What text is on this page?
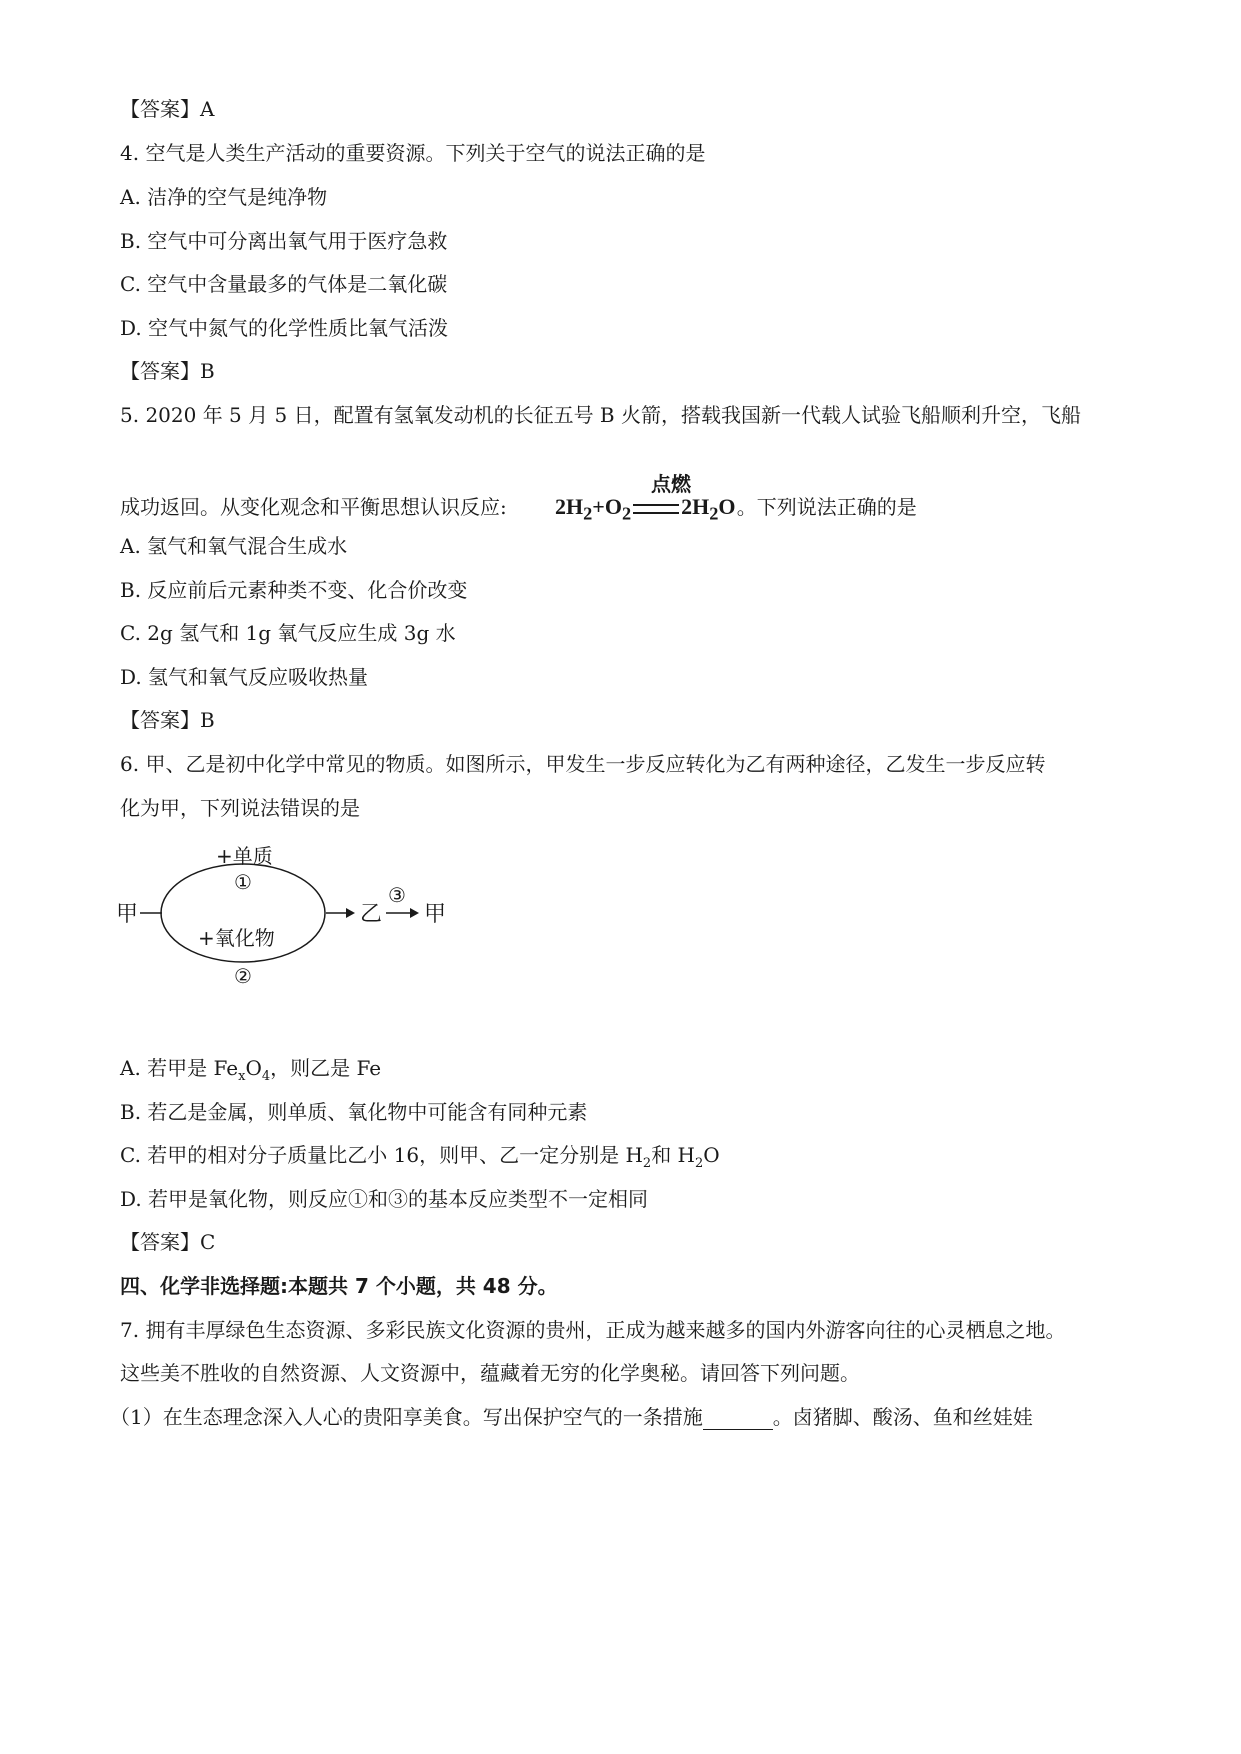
【答案】A
4. 空气是人类生产活动的重要资源。下列关于空气的说法正确的是
A. 洁净的空气是纯净物
B. 空气中可分离出氧气用于医疗急救
C. 空气中含量最多的气体是二氧化碳
D. 空气中氮气的化学性质比氧气活泼
【答案】B
5. 2020 年 5 月 5 日，配置有氢氧发动机的长征五号 B 火箭，搭载我国新一代载人试验飞船顺利升空，飞船
点燃
$2H_2+O_2$ $2H_2O$
成功返回。从变化观念和平衡思想认识反应:	。下列说法正确的是
A. 氢气和氧气混合生成水
B. 反应前后元素种类不变、化合价改变
C. 2g 氢气和 1g 氧气反应生成 3g 水
D. 氢气和氧气反应吸收热量
【答案】B
6. 甲、乙是初中化学中常见的物质。如图所示，甲发生一步反应转化为乙有两种途径，乙发生一步反应转
化为甲，下列说法错误的是
甲
+单质
①
+氧化物
②
乙
③
甲
A. 若甲是 $Fe_xO_4$，则乙是 Fe
B. 若乙是金属，则单质、氧化物中可能含有同种元素
C. 若甲的相对分子质量比乙小 16，则甲、乙一定分别是 $H_2$和 $H_2O$
D. 若甲是氧化物，则反应①和③的基本反应类型不一定相同
【答案】C
四、化学非选择题:本题共 7 个小题，共 48 分。
7. 拥有丰厚绿色生态资源、多彩民族文化资源的贵州，正成为越来越多的国内外游客向往的心灵栖息之地。
这些美不胜收的自然资源、人文资源中，蕴藏着无穷的化学奥秘。请回答下列问题。
（1）在生态理念深入人心的贵阳享美食。写出保护空气的一条措施	。卤猪脚、酸汤、鱼和丝娃娃
